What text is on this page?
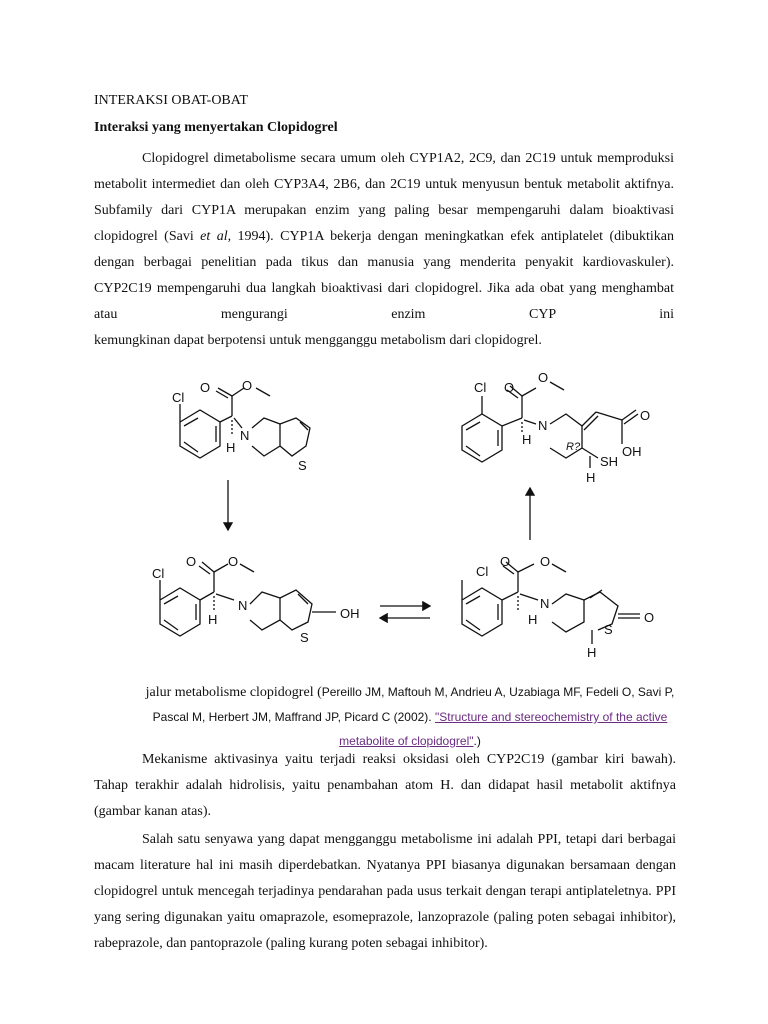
INTERAKSI OBAT-OBAT
Interaksi yang menyertakan Clopidogrel
Clopidogrel dimetabolisme secara umum oleh CYP1A2, 2C9, dan 2C19 untuk memproduksi metabolit intermediet dan oleh CYP3A4, 2B6, dan 2C19 untuk menyusun bentuk metabolit aktifnya. Subfamily dari CYP1A merupakan enzim yang paling besar mempengaruhi dalam bioaktivasi clopidogrel (Savi et al, 1994). CYP1A bekerja dengan meningkatkan efek antiplatelet (dibuktikan dengan berbagai penelitian pada tikus dan manusia yang menderita penyakit kardiovaskuler). CYP2C19 mempengaruhi dua langkah bioaktivasi dari clopidogrel. Jika ada obat yang menghambat atau mengurangi enzim CYP ini
kemungkinan dapat berpotensi untuk mengganggu metabolism dari clopidogrel.
Cl
O O
H
N
S
Cl
O O
H
N
S
OH
Cl
O O
H
N
S
O
H
Cl O
O
H
N
O
OH
R?
SH
H
jalur metabolisme clopidogrel (Pereillo JM, Maftouh M, Andrieu A, Uzabiaga MF, Fedeli O, Savi P, Pascal M, Herbert JM, Maffrand JP, Picard C (2002). "Structure and stereochemistry of the active metabolite of clopidogrel".)
Mekanisme aktivasinya yaitu terjadi reaksi oksidasi oleh CYP2C19 (gambar kiri bawah). Tahap terakhir adalah hidrolisis, yaitu penambahan atom H. dan didapat hasil metabolit aktifnya (gambar kanan atas).
Salah satu senyawa yang dapat mengganggu metabolisme ini adalah PPI, tetapi dari berbagai macam literature hal ini masih diperdebatkan. Nyatanya PPI biasanya digunakan bersamaan dengan clopidogrel untuk mencegah terjadinya pendarahan pada usus terkait dengan terapi antiplateletnya. PPI yang sering digunakan yaitu omaprazole, esomeprazole, lanzoprazole (paling poten sebagai inhibitor), rabeprazole, dan pantoprazole (paling kurang poten sebagai inhibitor).
